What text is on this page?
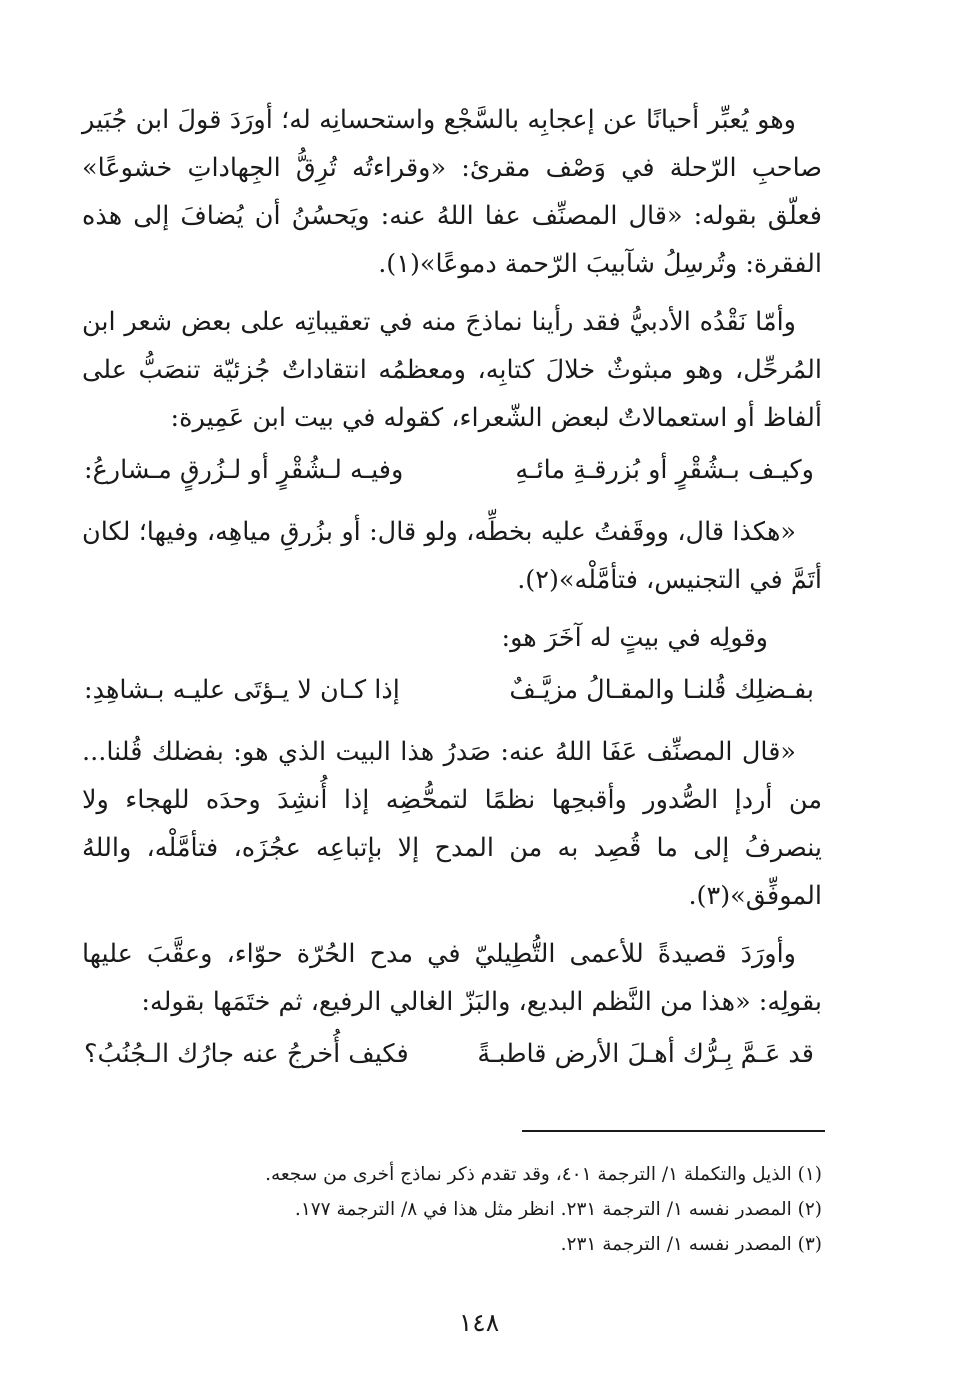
وهو يُعبِّر أحيانًا عن إعجابِه بالسَّجْع واستحسانِه له؛ أورَدَ قولَ ابن جُبَير صاحبِ الرّحلة في وَصْف مقرئ: «وقراءتُه تُرِقُّ الجِهاداتِ خشوعًا» فعلّق بقوله: «قال المصنِّف عفا اللهُ عنه: ويَحسُنُ أن يُضافَ إلى هذه الفقرة: وتُرسِلُ شآبيبَ الرّحمة دموعًا»(١).

وأمّا نَقْدُه الأدبيُّ فقد رأينا نماذجَ منه في تعقيباتِه على بعض شعر ابن المُرحِّل، وهو مبثوثٌ خلالَ كتابِه، ومعظمُه انتقاداتٌ جُزئيّة تنصَبُّ على ألفاظ أو استعمالاتٌ لبعض الشّعراء، كقوله في بيت ابن عَمِيرة:

وكيـف بـشُقْرٍ أو بُزرقـةِ مائـهِ
وفيـه لـشُقْرٍ أو لـزُرقٍ مـشارعُ:

«هكذا قال، ووقَفتُ عليه بخطِّه، ولو قال: أو بزُرقِ مياهِه، وفيها؛ لكان أتَمَّ في التجنيس، فتأمَّلْه»(٢).

وقولِه في بيتٍ له آخَرَ هو:

بفـضلِك قُلنـا والمقـالُ مزيَّـفٌ
إذا كـان لا يـؤتَى عليـه بـشاهِدِ:

«قال المصنِّف عَفَا اللهُ عنه: صَدرُ هذا البيت الذي هو: بفضلك قُلنا... من أردإ الصُّدور وأقبحِها نظمًا لتمحُّضِه إذا أُنشِدَ وحدَه للهجاء ولا ينصرفُ إلى ما قُصِد به من المدح إلا بإتباعِه عجُزَه، فتأمَّلْه، واللهُ الموفِّق»(٣).

وأورَدَ قصيدةً للأعمى التُّطِيليّ في مدح الحُرّة حوّاء، وعقَّبَ عليها بقولِه: «هذا من النَّظم البديع، والبَزّ الغالي الرفيع، ثم ختَمَها بقوله:

قد عَـمَّ بِـرُّك أهـلَ الأرض قاطبـةً
فكيف أُخرجُ عنه جارُك الـجُنُبُ؟

(١) الذيل والتكملة ١/ الترجمة ٤٠١، وقد تقدم ذكر نماذج أخرى من سجعه.

(٢) المصدر نفسه ١/ الترجمة ٢٣١. انظر مثل هذا في ٨/ الترجمة ١٧٧.

(٣) المصدر نفسه ١/ الترجمة ٢٣١.

١٤٨
